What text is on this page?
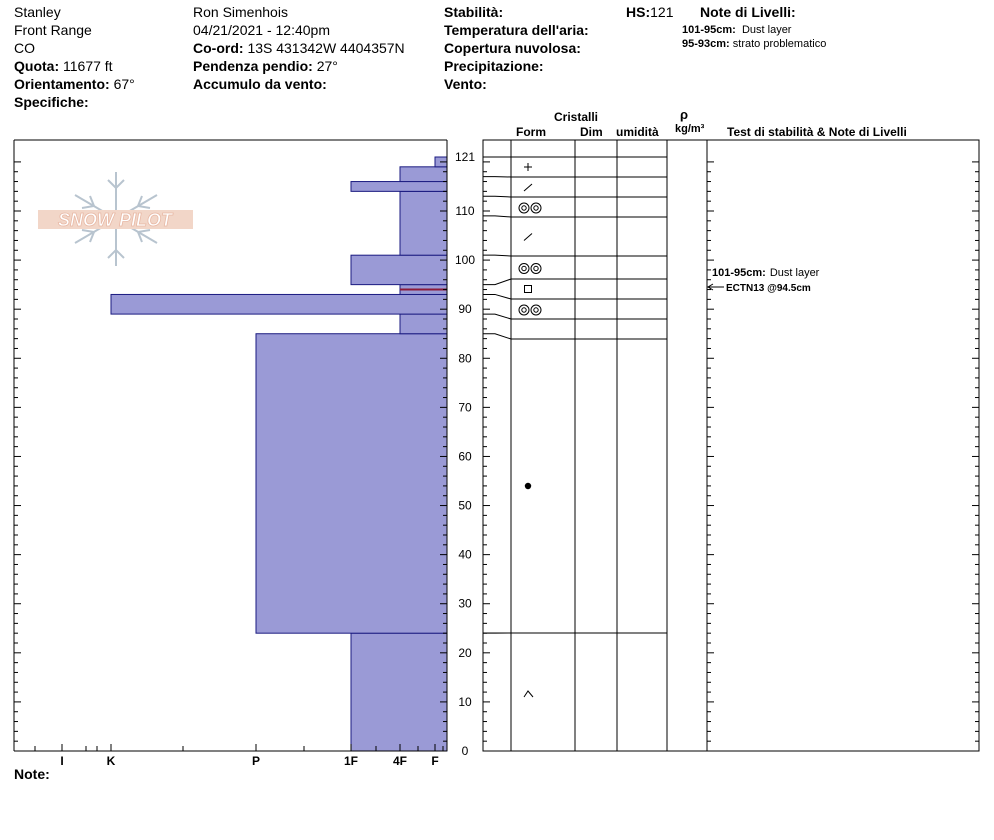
Stanley
Front Range
CO
Quota: 11677 ft
Orientamento: 67°
Specifiche:
Ron Simenhois
04/21/2021 - 12:40pm
Co-ord: 13S 431342W 4404357N
Pendenza pendio: 27°
Accumulo da vento:
Stabilità:
Temperatura dell'aria:
Copertura nuvolosa:
Precipitazione:
Vento:
HS:121 Note di Livelli:
101-95cm: Dust layer
95-93cm: strato problematico
Cristalli
Form	Dim umidità
ρ
kg/m³ Test di stabilità & Note di Livelli
Note:
SNOW PILOT
I	K	P	1F	4F F
0
10
20
30
40
50
60
70
80
90
100
110
121
101-95cm: Dust layer
ECTN13 @94.5cm
